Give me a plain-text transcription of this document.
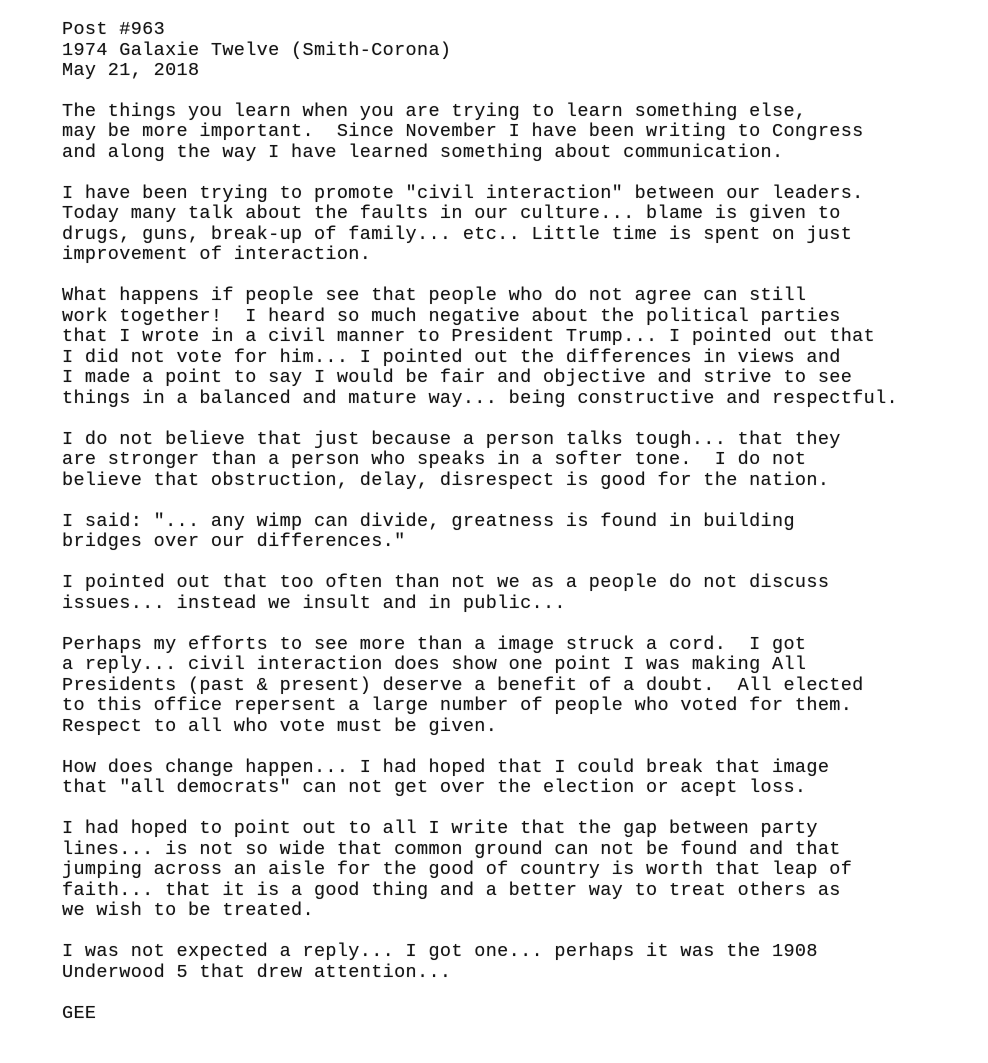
Post #963
1974 Galaxie Twelve (Smith-Corona)
May 21, 2018
The things you learn when you are trying to learn something else,
may be more important.  Since November I have been writing to Congress
and along the way I have learned something about communication.
I have been trying to promote "civil interaction" between our leaders.
Today many talk about the faults in our culture... blame is given to
drugs, guns, break-up of family... etc.. Little time is spent on just
improvement of interaction.
What happens if people see that people who do not agree can still
work together!  I heard so much negative about the political parties
that I wrote in a civil manner to President Trump... I pointed out that
I did not vote for him... I pointed out the differences in views and
I made a point to say I would be fair and objective and strive to see
things in a balanced and mature way... being constructive and respectful.
I do not believe that just because a person talks tough... that they
are stronger than a person who speaks in a softer tone.  I do not
believe that obstruction, delay, disrespect is good for the nation.
I said: "... any wimp can divide, greatness is found in building
bridges over our differences."
I pointed out that too often than not we as a people do not discuss
issues... instead we insult and in public...
Perhaps my efforts to see more than a image struck a cord.  I got
a reply... civil interaction does show one point I was making All
Presidents (past & present) deserve a benefit of a doubt.  All elected
to this office repersent a large number of people who voted for them.
Respect to all who vote must be given.
How does change happen... I had hoped that I could break that image
that "all democrats" can not get over the election or acept loss.
I had hoped to point out to all I write that the gap between party
lines... is not so wide that common ground can not be found and that
jumping across an aisle for the good of country is worth that leap of
faith... that it is a good thing and a better way to treat others as
we wish to be treated.
I was not expected a reply... I got one... perhaps it was the 1908
Underwood 5 that drew attention...
GEE
